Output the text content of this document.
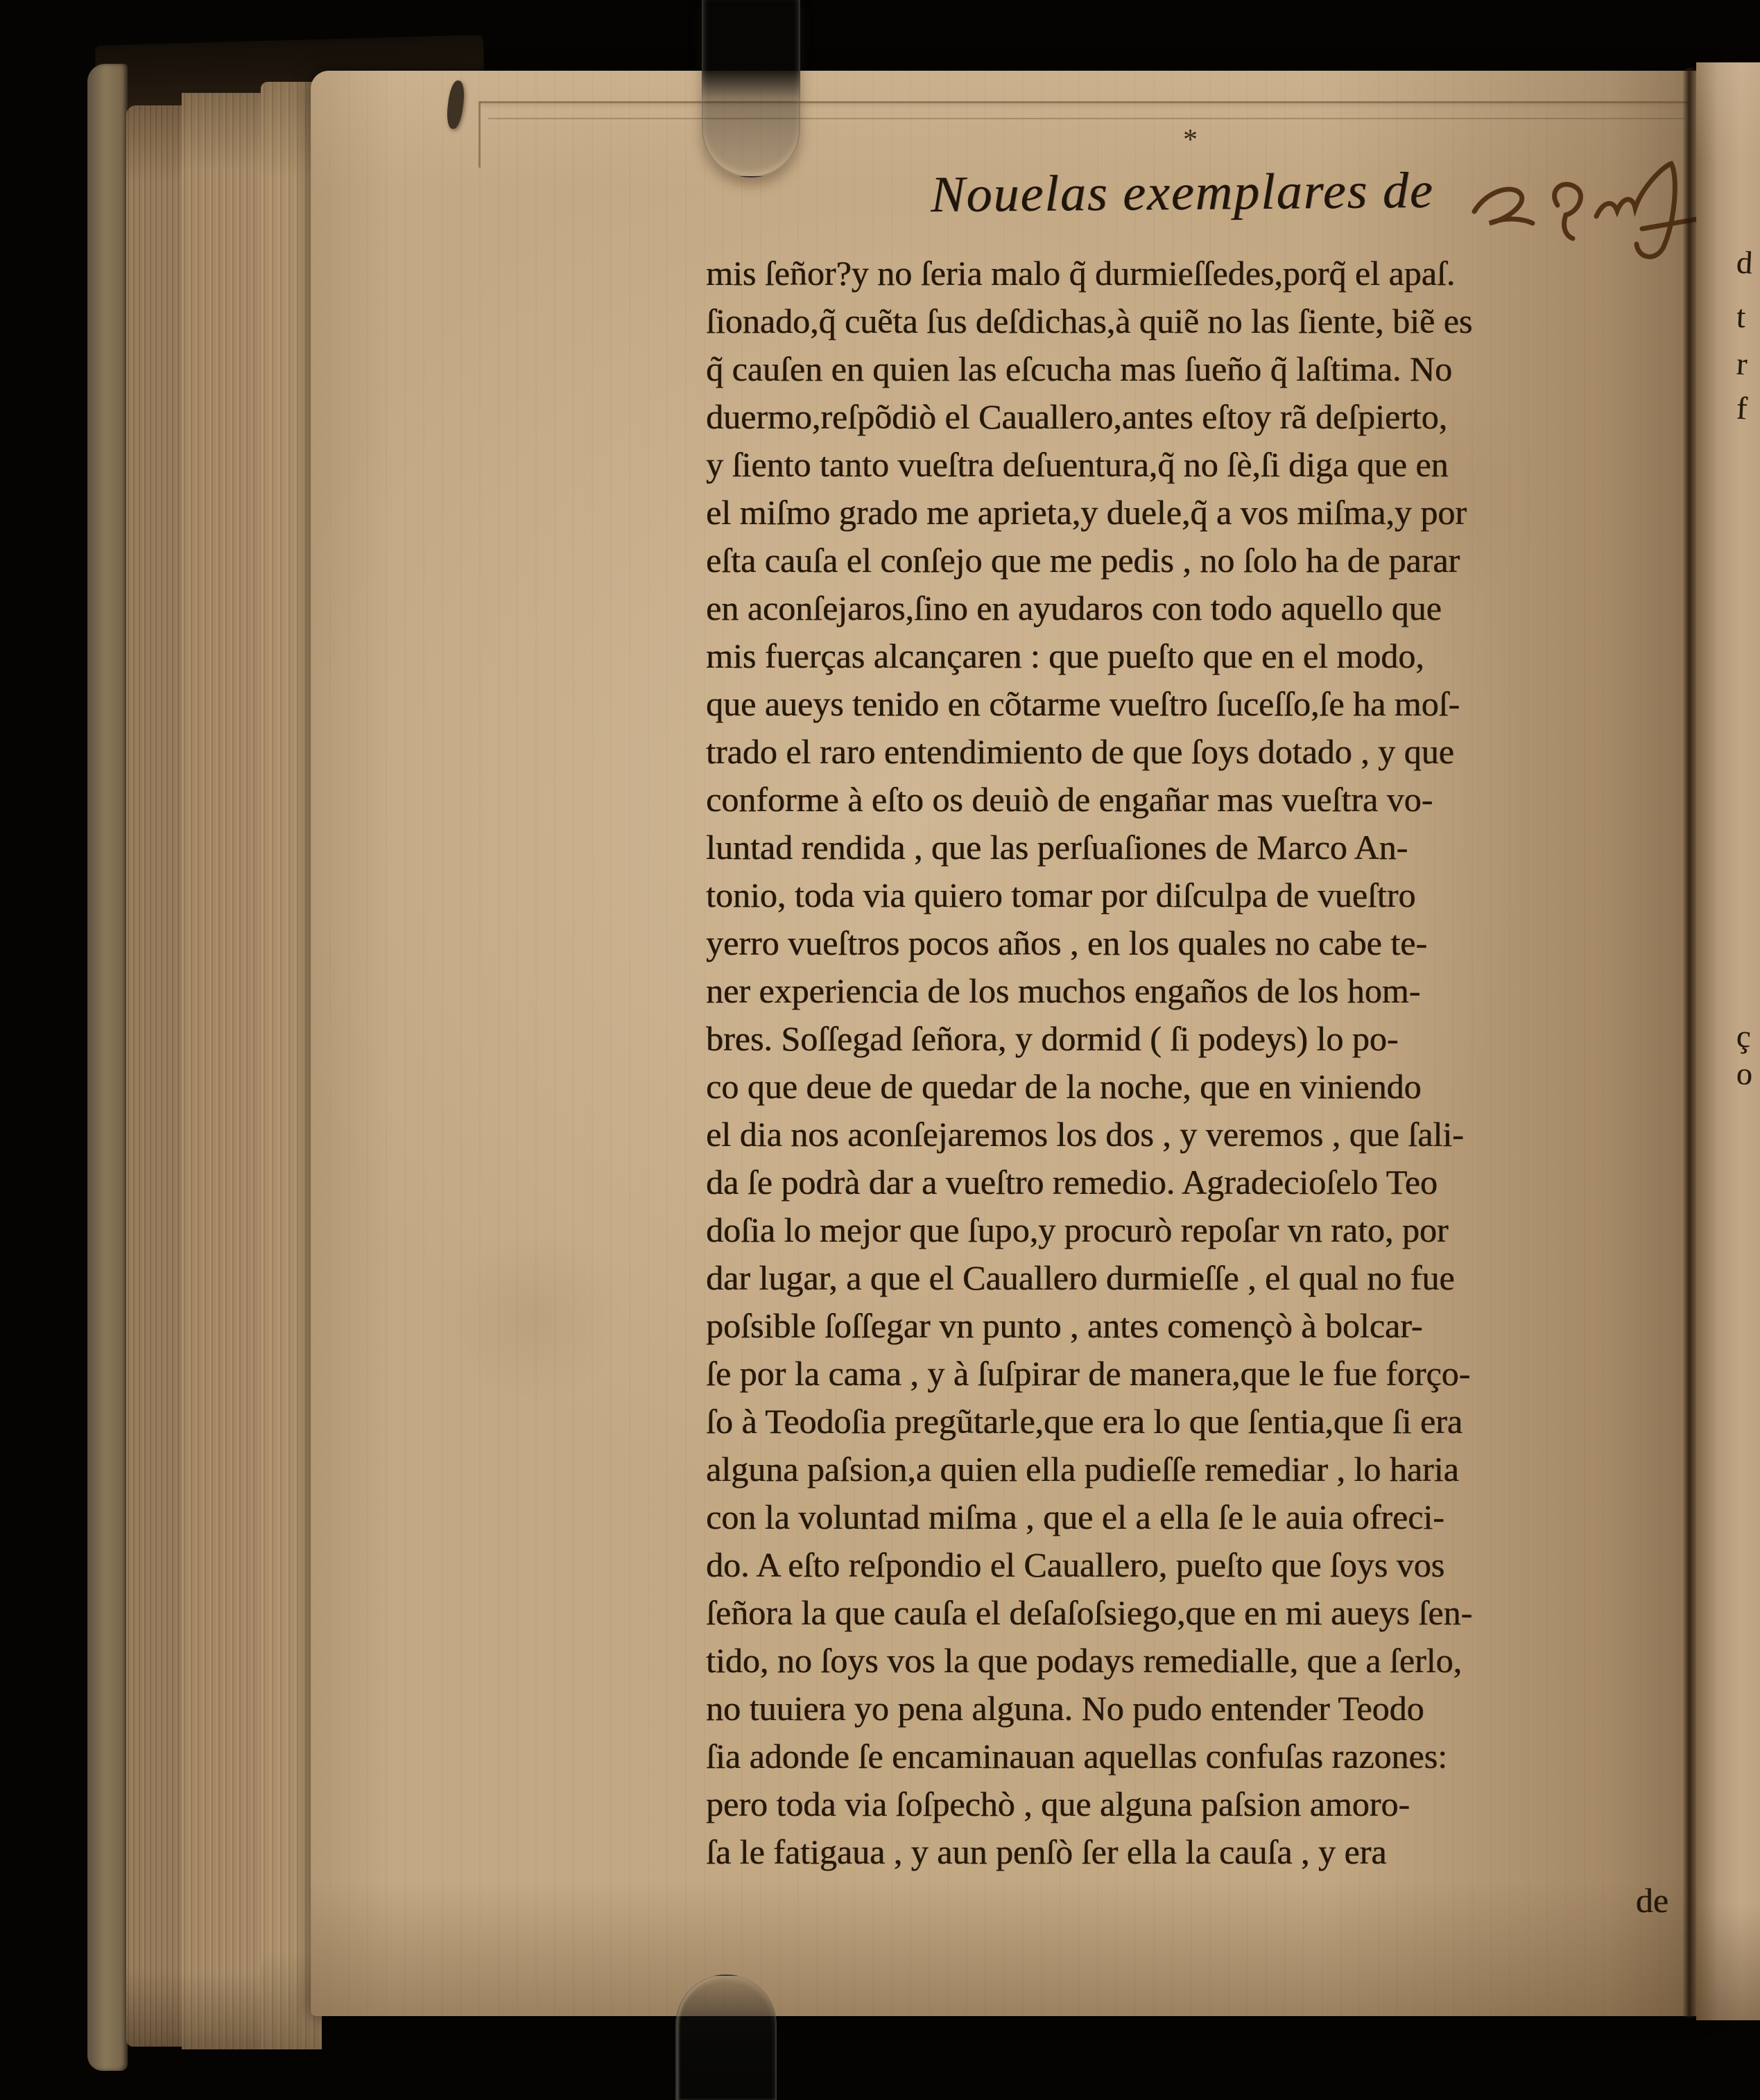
*
Nouelas exemplares de
mis ſeñor?y no ſeria malo q̃ durmieſſedes,porq̃ el apaſ.
ſionado,q̃ cuẽta ſus deſdichas,à quiẽ no las ſiente, biẽ es
q̃ cauſen en quien las eſcucha mas ſueño q̃ laſtima. No
duermo,reſpõdiò el Cauallero,antes eſtoy rã deſpierto,
y ſiento tanto vueſtra deſuentura,q̃ no ſè,ſi diga que en
el miſmo grado me aprieta,y duele,q̃ a vos miſma,y por
eſta cauſa el conſejo que me pedis , no ſolo ha de parar
en aconſejaros,ſino en ayudaros con todo aquello que
mis fuerças alcançaren : que pueſto que en el modo,
que aueys tenido en cõtarme vueſtro ſuceſſo,ſe ha moſ-
trado el raro entendimiento de que ſoys dotado , y que
conforme à eſto os deuiò de engañar mas vueſtra vo-
luntad rendida , que las perſuaſiones de Marco An-
tonio, toda via quiero tomar por diſculpa de vueſtro
yerro vueſtros pocos años , en los quales no cabe te-
ner experiencia de los muchos engaños de los hom-
bres. Soſſegad ſeñora, y dormid ( ſi podeys) lo po-
co que deue de quedar de la noche, que en viniendo
el dia nos aconſejaremos los dos , y veremos , que ſali-
da ſe podrà dar a vueſtro remedio. Agradecioſelo Teo
doſia lo mejor que ſupo,y procurò repoſar vn rato, por
dar lugar, a que el Cauallero durmieſſe , el qual no fue
poſsible ſoſſegar vn punto , antes començò à bolcar-
ſe por la cama , y à ſuſpirar de manera,que le fue forço-
ſo à Teodoſia pregũtarle,que era lo que ſentia,que ſi era
alguna paſsion,a quien ella pudieſſe remediar , lo haria
con la voluntad miſma , que el a ella ſe le auia ofreci-
do. A eſto reſpondio el Cauallero, pueſto que ſoys vos
ſeñora la que cauſa el deſaſoſsiego,que en mi aueys ſen-
tido, no ſoys vos la que podays remedialle, que a ſerlo,
no tuuiera yo pena alguna. No pudo entender Teodo
ſia adonde ſe encaminauan aquellas confuſas razones:
pero toda via ſoſpechò , que alguna paſsion amoro-
ſa le fatigaua , y aun penſò ſer ella la cauſa , y era
de
d
t
r
f
ç
o
